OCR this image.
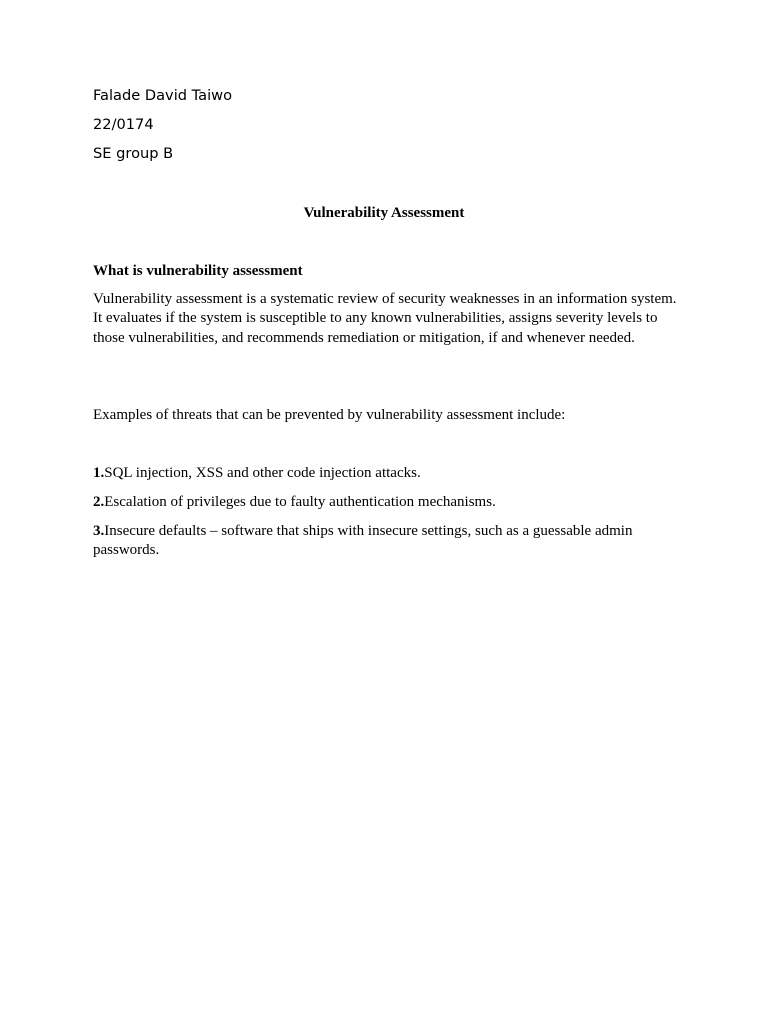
Falade David Taiwo

22/0174

SE group B

Vulnerability Assessment

What is vulnerability assessment

Vulnerability assessment is a systematic review of security weaknesses in an information system. It evaluates if the system is susceptible to any known vulnerabilities, assigns severity levels to those vulnerabilities, and recommends remediation or mitigation, if and whenever needed.

Examples of threats that can be prevented by vulnerability assessment include:

1.SQL injection, XSS and other code injection attacks.

2.Escalation of privileges due to faulty authentication mechanisms.

3.Insecure defaults – software that ships with insecure settings, such as a guessable admin passwords.
